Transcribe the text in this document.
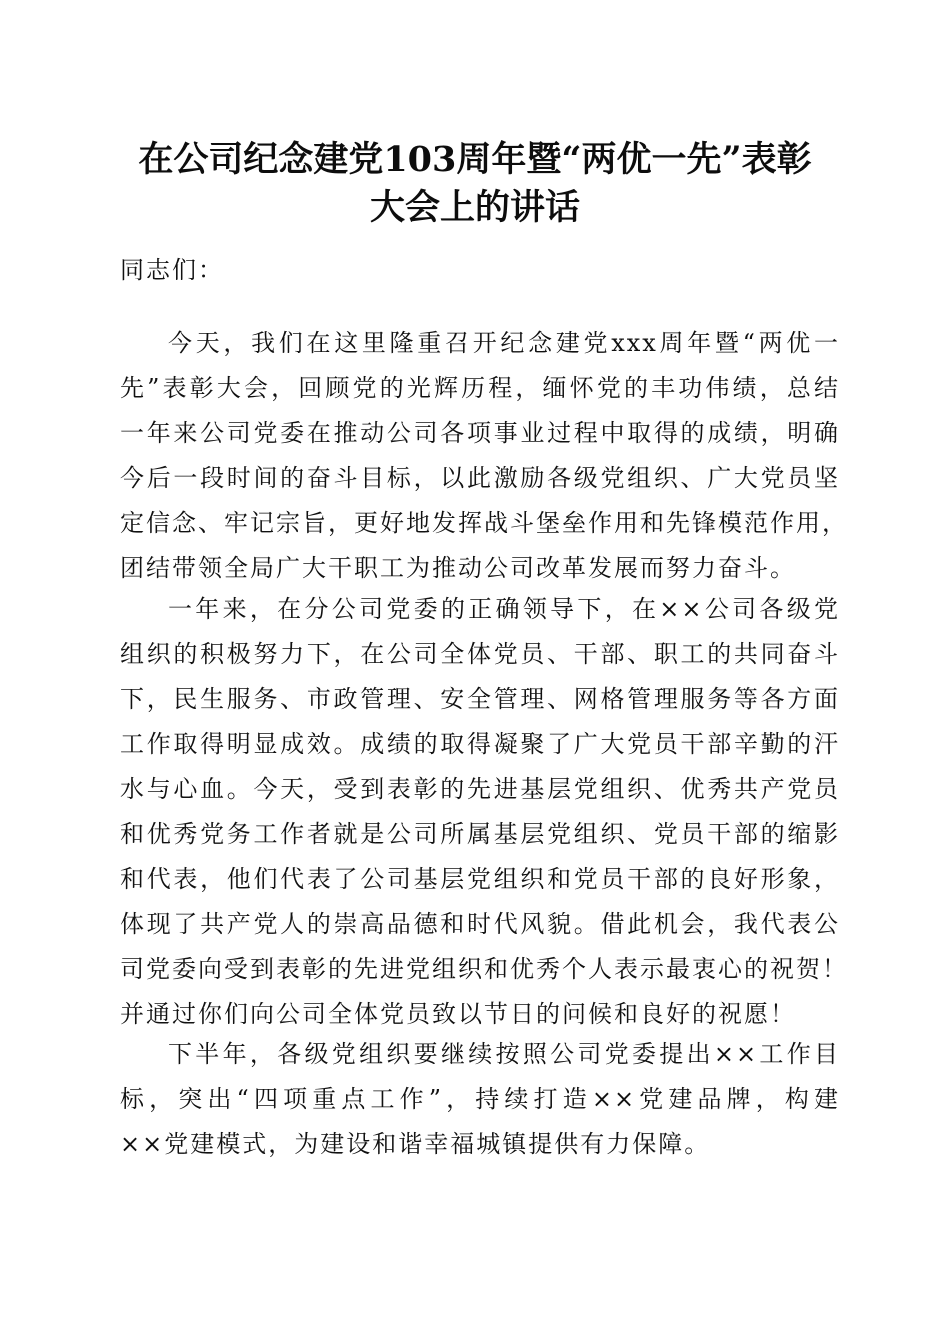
在公司纪念建党103周年暨“两优一先”表彰
大会上的讲话
同志们：
今天，我们在这里隆重召开纪念建党xxx周年暨“两优一
先”表彰大会，回顾党的光辉历程，缅怀党的丰功伟绩，总结
一年来公司党委在推动公司各项事业过程中取得的成绩，明确
今后一段时间的奋斗目标，以此激励各级党组织、广大党员坚
定信念、牢记宗旨，更好地发挥战斗堡垒作用和先锋模范作用，
团结带领全局广大干职工为推动公司改革发展而努力奋斗。
一年来，在分公司党委的正确领导下，在××公司各级党
组织的积极努力下，在公司全体党员、干部、职工的共同奋斗
下，民生服务、市政管理、安全管理、网格管理服务等各方面
工作取得明显成效。成绩的取得凝聚了广大党员干部辛勤的汗
水与心血。今天，受到表彰的先进基层党组织、优秀共产党员
和优秀党务工作者就是公司所属基层党组织、党员干部的缩影
和代表，他们代表了公司基层党组织和党员干部的良好形象，
体现了共产党人的崇高品德和时代风貌。借此机会，我代表公
司党委向受到表彰的先进党组织和优秀个人表示最衷心的祝贺！
并通过你们向公司全体党员致以节日的问候和良好的祝愿！
下半年，各级党组织要继续按照公司党委提出××工作目
标，突出“四项重点工作”，持续打造××党建品牌，构建
××党建模式，为建设和谐幸福城镇提供有力保障。
